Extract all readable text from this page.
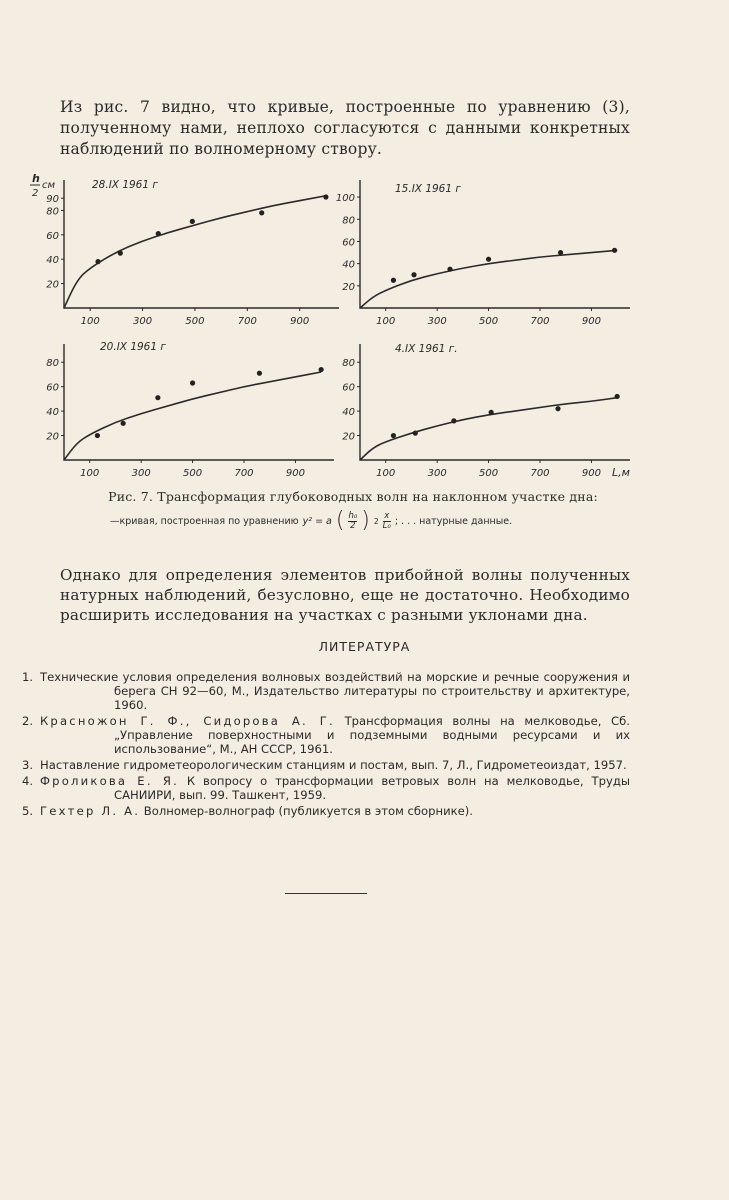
Из рис. 7 видно, что кривые, построенные по уравнению (3), полученному нами, неплохо согласуются с данными конкретных наблюдений по волномерному створу.
28.IX 1961 г
20
40
60
80
90
100	300	500	700	900
h
2
см	15.IX 1961 г
20
40
60
80
100
100	300	500	700	900
20.IX 1961 г
20
40
60
80
100	300	500	700	900
4.IX 1961 г.
20
40
60
80
100	300	500	700	900 L,м
Рис. 7. Трансформация глубоководных волн на наклонном участке дна:
—кривая, построенная по уравнению y² = a ( $\frac{\text{h₀}}{2}$ ) $2 \frac{x}{\text{L₀}}$ ; . . . натурные данные.
Однако для определения элементов прибойной волны полученных натурных наблюдений, безусловно, еще не достаточно. Необходимо расширить исследования на участках с разными уклонами дна.
ЛИТЕРАТУРА
1. Технические условия определения волновых воздействий на морские и речные сооружения и берега СН 92—60, М., Издательство литературы по строительству и архитектуре, 1960.
2. Красножон Г. Ф., Сидорова А. Г. Трансформация волны на мелководье, Сб. „Управление поверхностными и подземными водными ресурсами и их использование“, М., АН СССР, 1961.
3. Наставление гидрометеорологическим станциям и постам, вып. 7, Л., Гидрометеоиздат, 1957.
4. Фроликова Е. Я. К вопросу о трансформации ветровых волн на мелководье, Труды САНИИРИ, вып. 99. Ташкент, 1959.
5. Гехтер Л. А. Волномер-волнограф (публикуется в этом сборнике).
